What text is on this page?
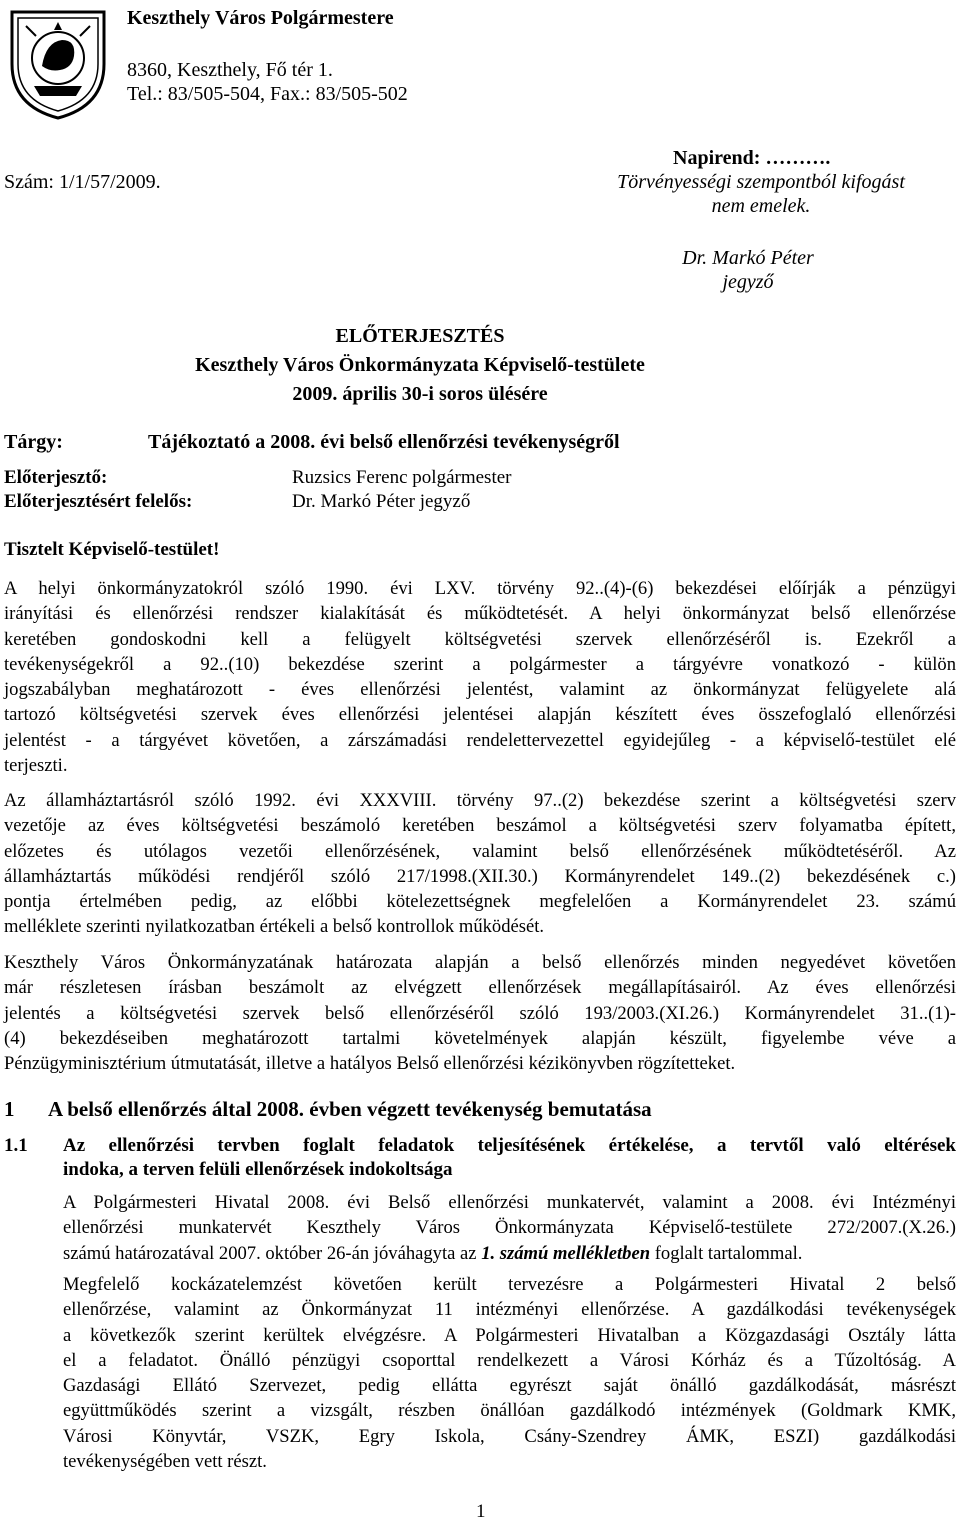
Keszthely Város Polgármestere
8360, Keszthely, Fő tér 1.
Tel.: 83/505-504, Fax.: 83/505-502
Szám: 1/1/57/2009.
Napirend: ……….
Törvényességi szempontból kifogást
nem emelek.
Dr. Markó Péter
jegyző
ELŐTERJESZTÉS
Keszthely Város Önkormányzata Képviselő-testülete
2009. április 30-i soros ülésére
Tárgy:	Tájékoztató a 2008. évi belső ellenőrzési tevékenységről
Előterjesztő:	Ruzsics Ferenc polgármester
Előterjesztésért felelős:	Dr. Markó Péter jegyző
Tisztelt Képviselő-testület!

A helyi önkormányzatokról szóló 1990. évi LXV. törvény 92..(4)-(6) bekezdései előírják a pénzügyi

irányítási és ellenőrzési rendszer kialakítását és működtetését. A helyi önkormányzat belső ellenőrzése

keretében gondoskodni kell a felügyelt költségvetési szervek ellenőrzéséről is. Ezekről a

tevékenységekről a 92..(10) bekezdése szerint a polgármester a tárgyévre vonatkozó - külön

jogszabályban meghatározott - éves ellenőrzési jelentést, valamint az önkormányzat felügyelete alá

tartozó költségvetési szervek éves ellenőrzési jelentései alapján készített éves összefoglaló ellenőrzési

jelentést - a tárgyévet követően, a zárszámadási rendelettervezettel egyidejűleg - a képviselő-testület elé

terjeszti.

Az államháztartásról szóló 1992. évi XXXVIII. törvény 97..(2) bekezdése szerint a költségvetési szerv

vezetője az éves költségvetési beszámoló keretében beszámol a költségvetési szerv folyamatba épített,

előzetes és utólagos vezetői ellenőrzésének, valamint belső ellenőrzésének működtetéséről. Az

államháztartás működési rendjéről szóló 217/1998.(XII.30.) Kormányrendelet 149..(2) bekezdésének c.)

pontja értelmében pedig, az előbbi kötelezettségnek megfelelően a Kormányrendelet 23. számú

melléklete szerinti nyilatkozatban értékeli a belső kontrollok működését.

Keszthely Város Önkormányzatának határozata alapján a belső ellenőrzés minden negyedévet követően

már részletesen írásban beszámolt az elvégzett ellenőrzések megállapításairól. Az éves ellenőrzési

jelentés a költségvetési szervek belső ellenőrzéséről szóló 193/2003.(XI.26.) Kormányrendelet 31..(1)-

(4) bekezdéseiben meghatározott tartalmi követelmények alapján készült, figyelembe véve a

Pénzügyminisztérium útmutatását, illetve a hatályos Belső ellenőrzési kézikönyvben rögzítetteket.

1 A belső ellenőrzés által 2008. évben végzett tevékenység bemutatása
1.1 Az ellenőrzési tervben foglalt feladatok teljesítésének értékelése, a tervtől való eltérések

indoka, a terven felüli ellenőrzések indokoltsága

A Polgármesteri Hivatal 2008. évi Belső ellenőrzési munkatervét, valamint a 2008. évi Intézményi

ellenőrzési munkatervét Keszthely Város Önkormányzata Képviselő-testülete 272/2007.(X.26.)

számú határozatával 2007. október 26-án jóváhagyta az 1. számú mellékletben foglalt tartalommal.

Megfelelő kockázatelemzést követően került tervezésre a Polgármesteri Hivatal 2 belső

ellenőrzése, valamint az Önkormányzat 11 intézményi ellenőrzése. A gazdálkodási tevékenységek

a következők szerint kerültek elvégzésre. A Polgármesteri Hivatalban a Közgazdasági Osztály látta

el a feladatot. Önálló pénzügyi csoporttal rendelkezett a Városi Kórház és a Tűzoltóság. A

Gazdasági Ellátó Szervezet, pedig ellátta egyrészt saját önálló gazdálkodását, másrészt

együttműködés szerint a vizsgált, részben önállóan gazdálkodó intézmények (Goldmark KMK,

Városi Könyvtár, VSZK, Egry Iskola, Csány-Szendrey ÁMK, ESZI) gazdálkodási

tevékenységében vett részt.

1
